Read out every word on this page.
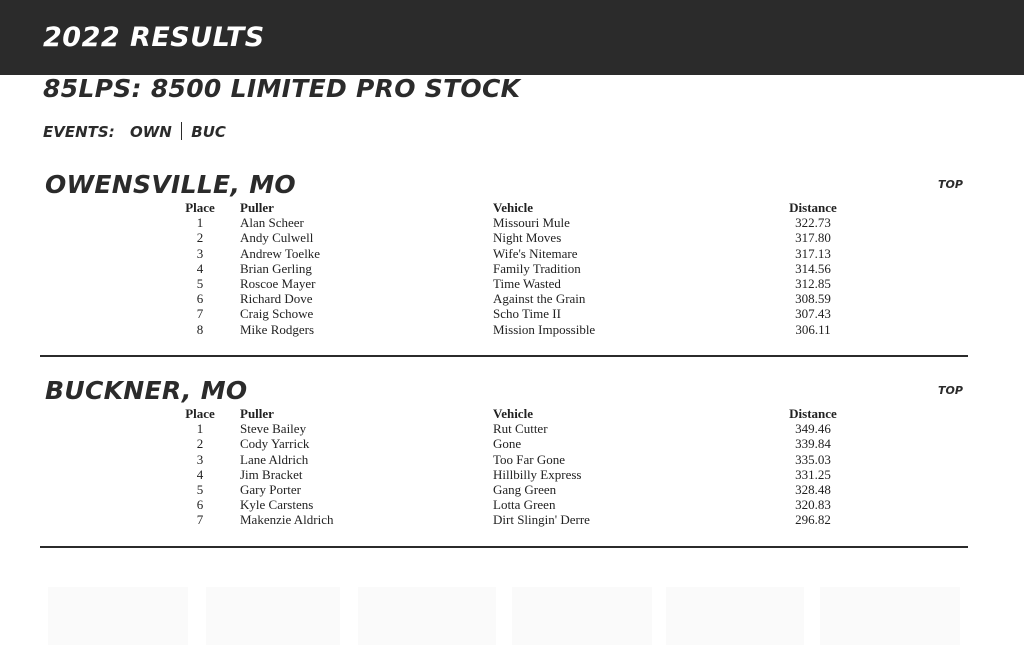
2022 RESULTS
85LPS: 8500 LIMITED PRO STOCK
EVENTS: OWN BUC
OWENSVILLE, MO	TOP
Place	Puller	Vehicle	Distance
1	Alan Scheer	Missouri Mule	322.73
2	Andy Culwell	Night Moves	317.80
3	Andrew Toelke	Wife's Nitemare	317.13
4	Brian Gerling	Family Tradition	314.56
5	Roscoe Mayer	Time Wasted	312.85
6	Richard Dove	Against the Grain	308.59
7	Craig Schowe	Scho Time II	307.43
8	Mike Rodgers	Mission Impossible	306.11
BUCKNER, MO	TOP
Place	Puller	Vehicle	Distance
1	Steve Bailey	Rut Cutter	349.46
2	Cody Yarrick	Gone	339.84
3	Lane Aldrich	Too Far Gone	335.03
4	Jim Bracket	Hillbilly Express	331.25
5	Gary Porter	Gang Green	328.48
6	Kyle Carstens	Lotta Green	320.83
7	Makenzie Aldrich	Dirt Slingin' Derre	296.82
